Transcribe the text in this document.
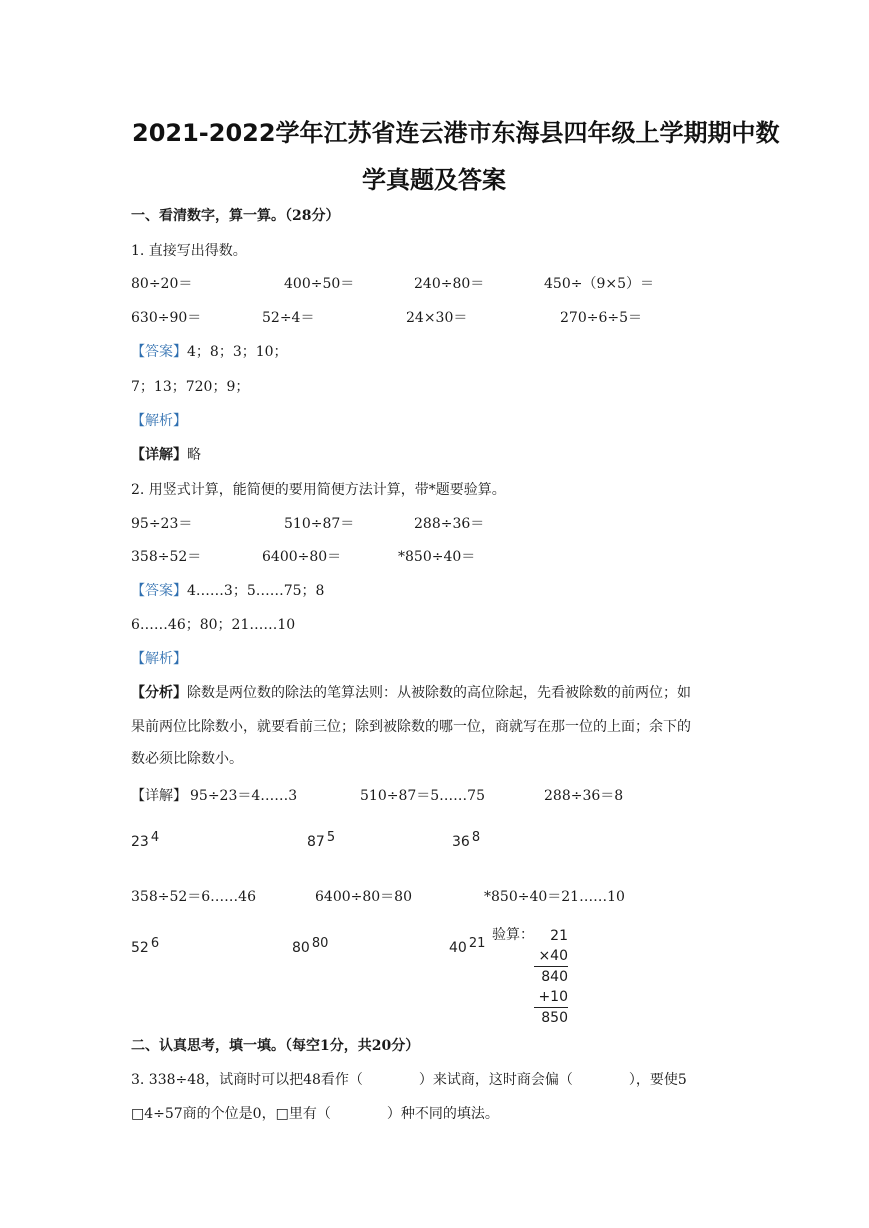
2021-2022学年江苏省连云港市东海县四年级上学期期中数
学真题及答案
一、看清数字，算一算。（28分）
1. 直接写出得数。
80÷20＝	400÷50＝	240÷80＝	450÷（9×5）＝
630÷90＝	52÷4＝	24×30＝	270÷6÷5＝
【答案】4；8；3；10；
7；13；720；9；
【解析】
【详解】略
2. 用竖式计算，能简便的要用简便方法计算，带*题要验算。
95÷23＝	510÷87＝	288÷36＝
358÷52＝	6400÷80＝	*850÷40＝
【答案】4……3；5……75；8
6……46；80；21……10
【解析】
【分析】除数是两位数的除法的笔算法则：从被除数的高位除起，先看被除数的前两位；如
果前两位比除数小，就要看前三位；除到被除数的哪一位，商就写在那一位的上面；余下的
数必须比除数小。
【详解】 95÷23＝4……3	510÷87＝5……75	288÷36＝8
23 $^4$	87 $^5$	36 $^8$
358÷52＝6……46	6400÷80＝80	*850÷40＝21……10
52 $^6$	80 $^{80}$	40 $^{21}$
验算：	21
×40
840
+10
850
二、认真思考，填一填。（每空1分，共20分）
3. 338÷48，试商时可以把48看作（　　　　）来试商，这时商会偏（　　　　），要使5
□4÷57商的个位是0，□里有（　　　　）种不同的填法。
